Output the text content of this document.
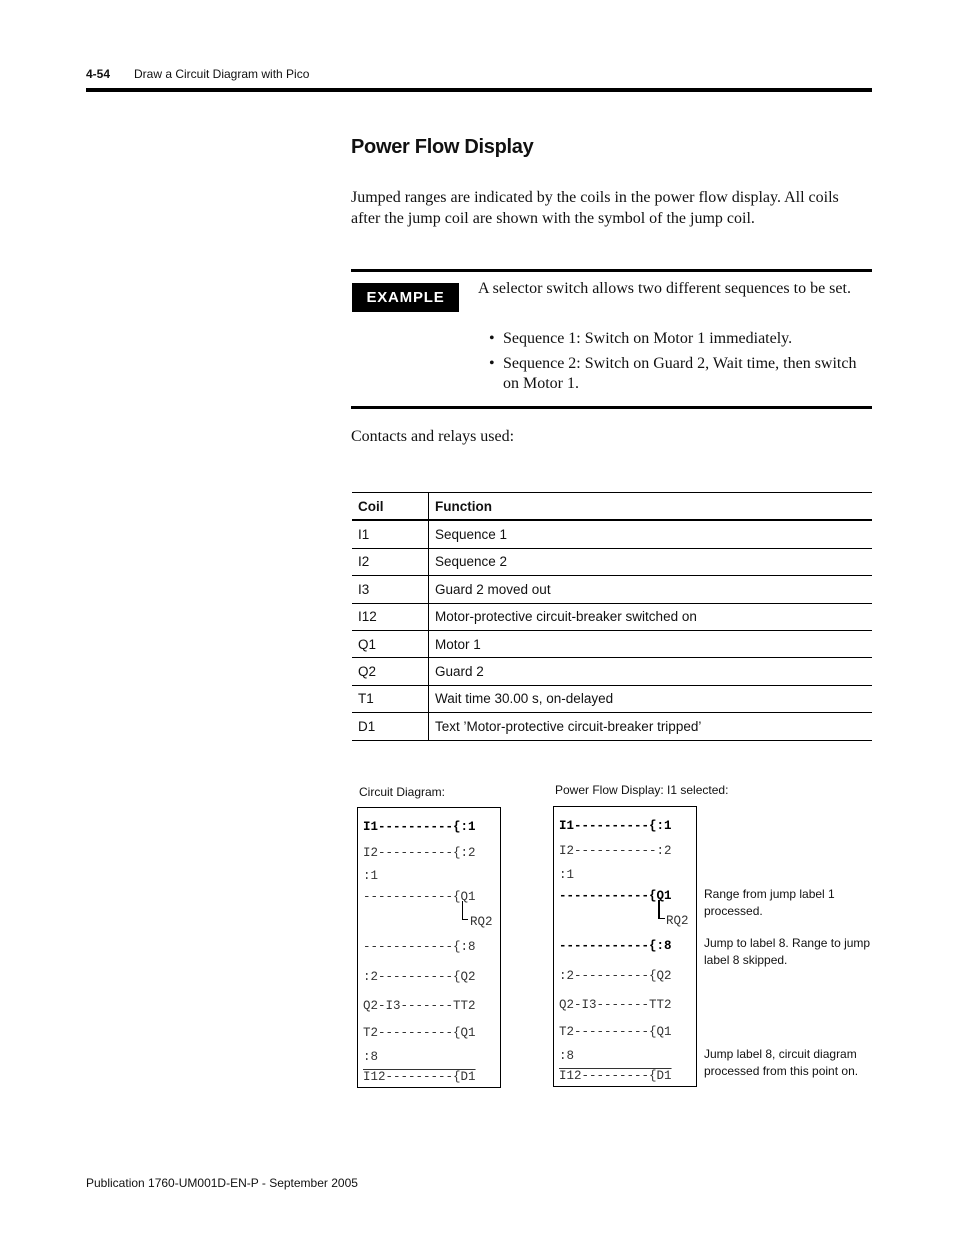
4-54 Draw a Circuit Diagram with Pico
Power Flow Display
Jumped ranges are indicated by the coils in the power flow display. All coils after the jump coil are shown with the symbol of the jump coil.
EXAMPLE
A selector switch allows two different sequences to be set.
• Sequence 1: Switch on Motor 1 immediately.
• Sequence 2: Switch on Guard 2, Wait time, then switch on Motor 1.
Contacts and relays used:
Coil	Function
I1	Sequence 1
I2	Sequence 2
I3	Guard 2 moved out
I12	Motor-protective circuit-breaker switched on
Q1	Motor 1
Q2	Guard 2
T1	Wait time 30.00 s, on-delayed
D1	Text ’Motor-protective circuit-breaker tripped’
Circuit Diagram:
I1----------{:1
I2----------{:2
:1
------------{Q1
RQ2
------------{:8
:2----------{Q2
Q2-I3-------TT2
T2----------{Q1
:8
I12---------{D1
Power Flow Display: I1 selected:
I1----------{:1
I2-----------:2
:1
------------{Q1
RQ2
------------{:8
:2----------{Q2
Q2-I3-------TT2
T2----------{Q1
:8
I12---------{D1
Range from jump label 1 processed.
Jump to label 8. Range to jump label 8 skipped.
Jump label 8, circuit diagram processed from this point on.
Publication 1760-UM001D-EN-P - September 2005
